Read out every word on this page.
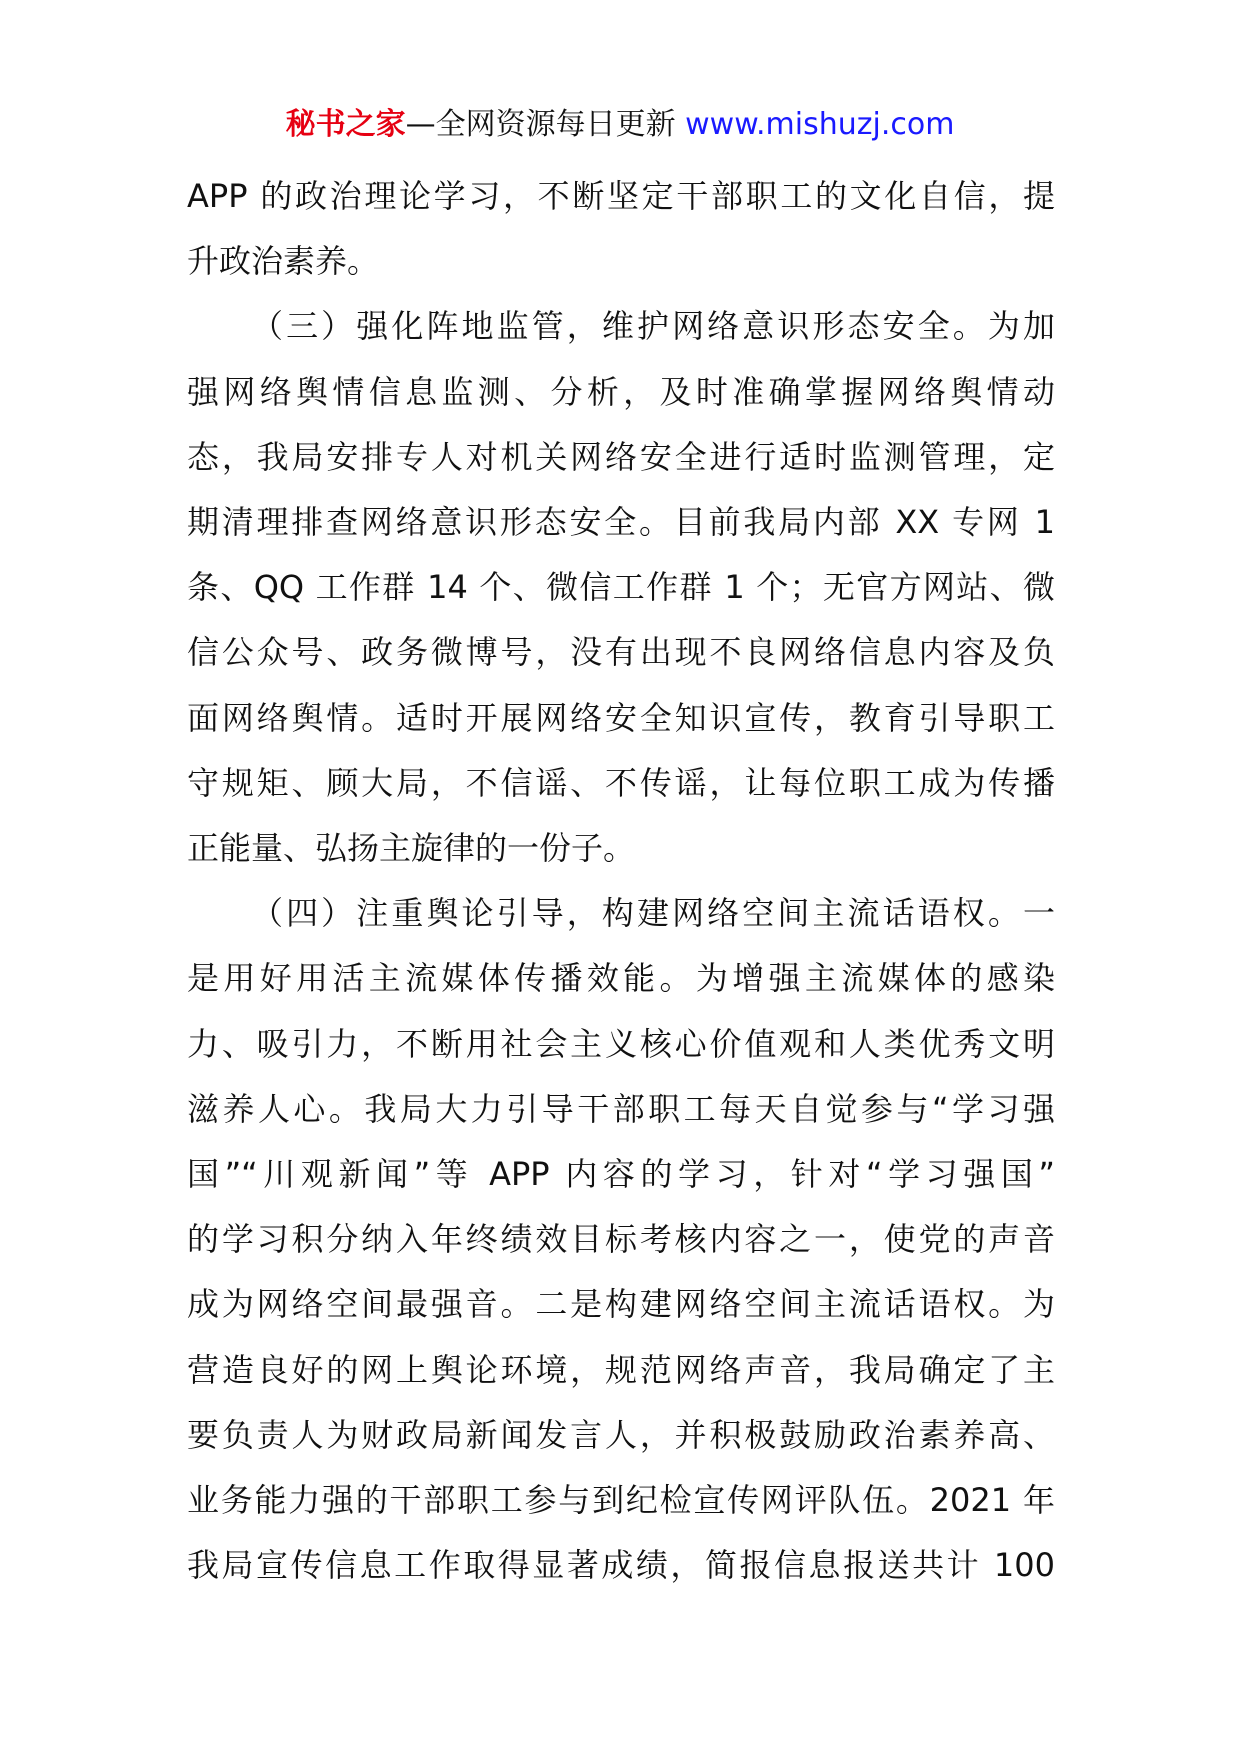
秘书之家—全网资源每日更新 www.mishuzj.com

APP 的政治理论学习，不断坚定干部职工的文化自信，提
升政治素养。

（三）强化阵地监管，维护网络意识形态安全。为加
强网络舆情信息监测、分析，及时准确掌握网络舆情动
态，我局安排专人对机关网络安全进行适时监测管理，定
期清理排查网络意识形态安全。目前我局内部 XX 专网 1
条、QQ 工作群 14 个、微信工作群 1 个；无官方网站、微
信公众号、政务微博号，没有出现不良网络信息内容及负
面网络舆情。适时开展网络安全知识宣传，教育引导职工
守规矩、顾大局，不信谣、不传谣，让每位职工成为传播
正能量、弘扬主旋律的一份子。

（四）注重舆论引导，构建网络空间主流话语权。一
是用好用活主流媒体传播效能。为增强主流媒体的感染
力、吸引力，不断用社会主义核心价值观和人类优秀文明
滋养人心。我局大力引导干部职工每天自觉参与“学习强
国”“川观新闻”等 APP 内容的学习，针对“学习强国”
的学习积分纳入年终绩效目标考核内容之一，使党的声音
成为网络空间最强音。二是构建网络空间主流话语权。为
营造良好的网上舆论环境，规范网络声音，我局确定了主
要负责人为财政局新闻发言人，并积极鼓励政治素养高、
业务能力强的干部职工参与到纪检宣传网评队伍。2021 年
我局宣传信息工作取得显著成绩，简报信息报送共计 100
